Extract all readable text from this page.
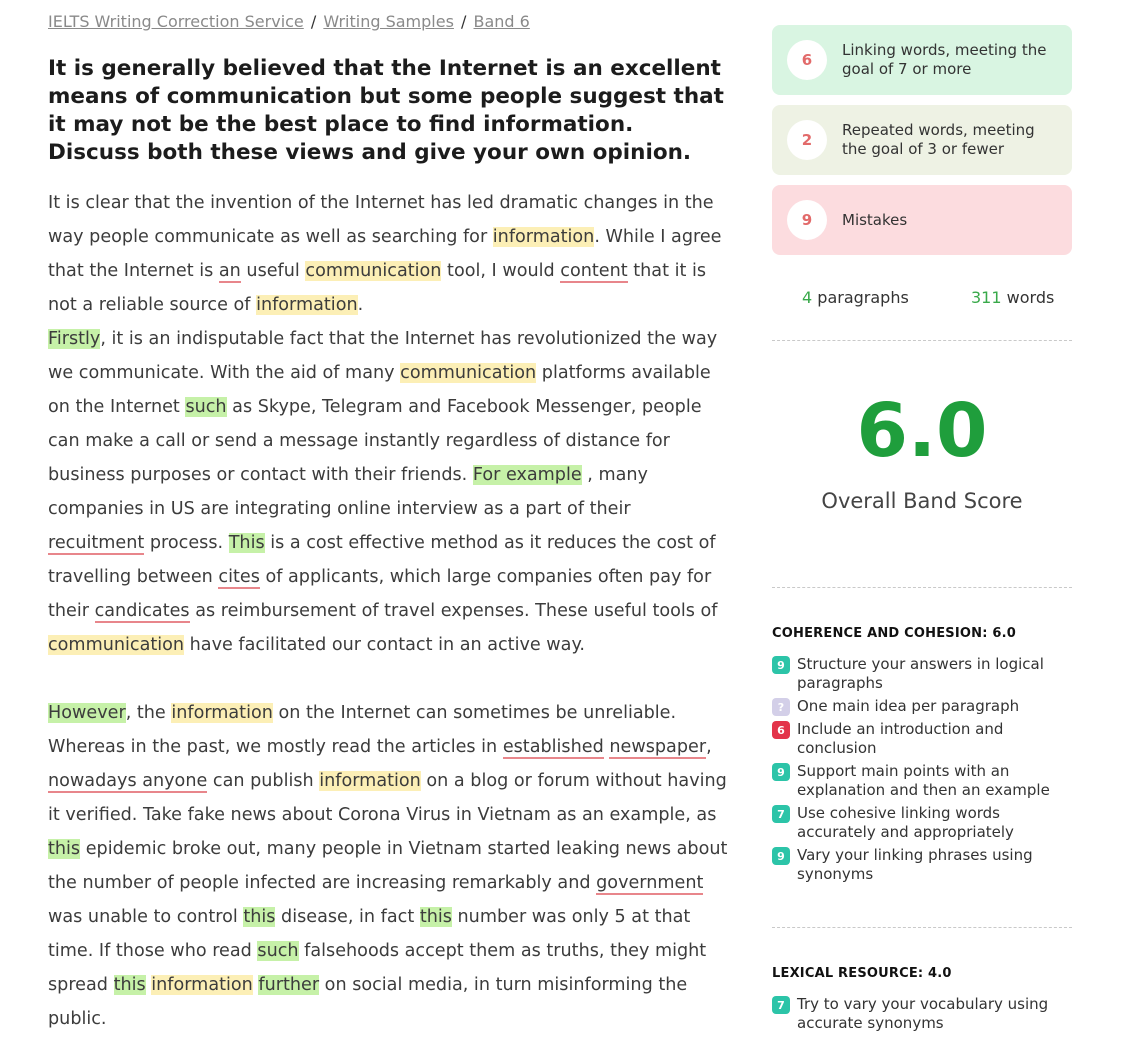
IELTS Writing Correction Service / Writing Samples / Band 6
It is generally believed that the Internet is an excellent means of communication but some people suggest that it may not be the best place to find information. Discuss both these views and give your own opinion.

It is clear that the invention of the Internet has led dramatic changes in the way people communicate as well as searching for information. While I agree that the Internet is an useful communication tool, I would content that it is not a reliable source of information.

Firstly, it is an indisputable fact that the Internet has revolutionized the way we communicate. With the aid of many communication platforms available on the Internet such as Skype, Telegram and Facebook Messenger, people can make a call or send a message instantly regardless of distance for business purposes or contact with their friends. For example , many companies in US are integrating online interview as a part of their recuitment process. This is a cost effective method as it reduces the cost of travelling between cites of applicants, which large companies often pay for their candicates as reimbursement of travel expenses. These useful tools of communication have facilitated our contact in an active way.

However, the information on the Internet can sometimes be unreliable. Whereas in the past, we mostly read the articles in established newspaper, nowadays anyone can publish information on a blog or forum without having it verified. Take fake news about Corona Virus in Vietnam as an example, as this epidemic broke out, many people in Vietnam started leaking news about the number of people infected are increasing remarkably and government was unable to control this disease, in fact this number was only 5 at that time. If those who read such falsehoods accept them as truths, they might spread this information further on social media, in turn misinforming the public.

6
Linking words, meeting the goal of 7 or more
2
Repeated words, meeting the goal of 3 or fewer
9	Mistakes
4 paragraphs	311 words
6.0
Overall Band Score
COHERENCE AND COHESION: 6.0
9 Structure your answers in logical paragraphs
? One main idea per paragraph
6 Include an introduction and conclusion
9 Support main points with an explanation and then an example
7 Use cohesive linking words accurately and appropriately
9 Vary your linking phrases using synonyms
LEXICAL RESOURCE: 4.0
7 Try to vary your vocabulary using accurate synonyms
